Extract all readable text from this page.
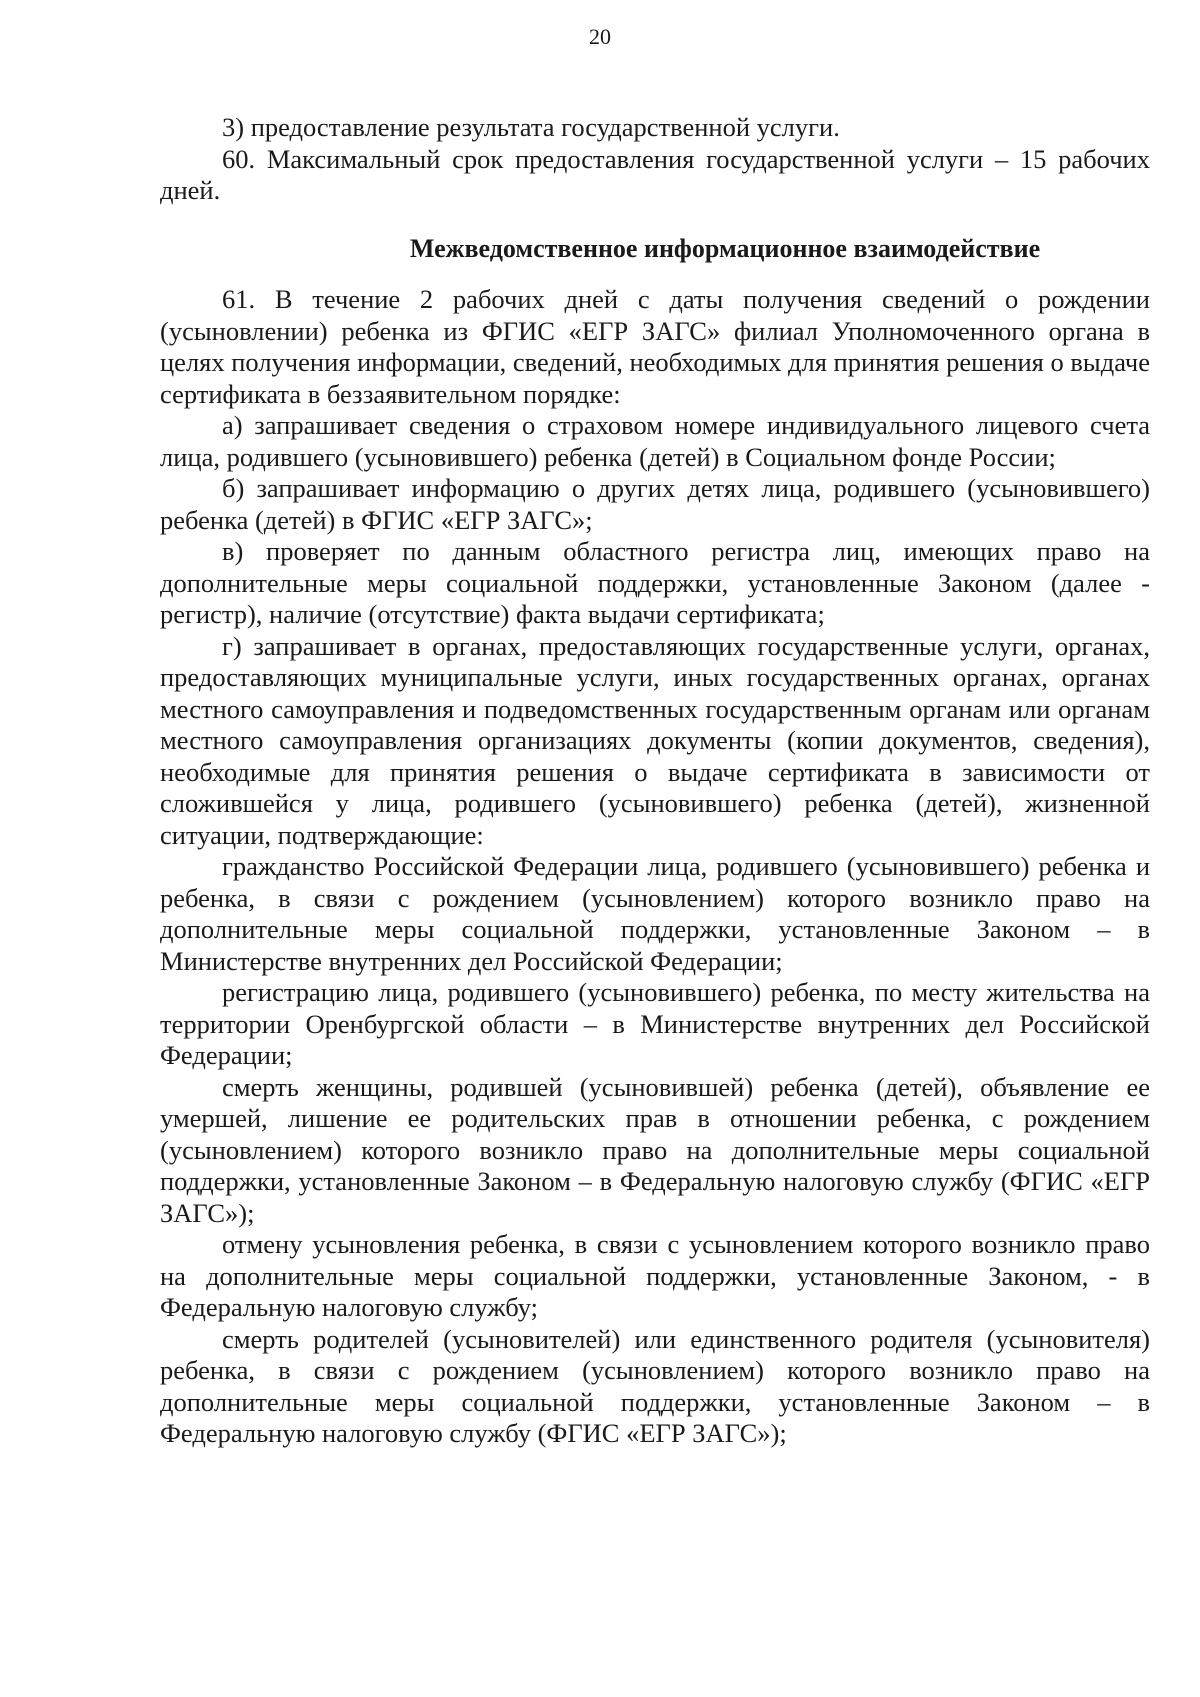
20

3) предоставление результата государственной услуги.

60. Максимальный срок предоставления государственной услуги – 15 рабочих дней.

Межведомственное информационное взаимодействие

61. В течение 2 рабочих дней с даты получения сведений о рождении (усыновлении) ребенка из ФГИС «ЕГР ЗАГС» филиал Уполномоченного органа в целях получения информации, сведений, необходимых для принятия решения о выдаче сертификата в беззаявительном порядке:

а) запрашивает сведения о страховом номере индивидуального лицевого счета лица, родившего (усыновившего) ребенка (детей) в Социальном фонде России;
б) запрашивает информацию о других детях лица, родившего (усыновившего) ребенка (детей) в ФГИС «ЕГР ЗАГС»;
в) проверяет по данным областного регистра лиц, имеющих право на дополнительные меры социальной поддержки, установленные Законом (далее - регистр), наличие (отсутствие) факта выдачи сертификата;
г) запрашивает в органах, предоставляющих государственные услуги, органах, предоставляющих муниципальные услуги, иных государственных органах, органах местного самоуправления и подведомственных государственным органам или органам местного самоуправления организациях документы (копии документов, сведения), необходимые для принятия решения о выдаче сертификата в зависимости от сложившейся у лица, родившего (усыновившего) ребенка (детей), жизненной ситуации, подтверждающие:
гражданство Российской Федерации лица, родившего (усыновившего) ребенка и ребенка, в связи с рождением (усыновлением) которого возникло право на дополнительные меры социальной поддержки, установленные Законом – в Министерстве внутренних дел Российской Федерации;
регистрацию лица, родившего (усыновившего) ребенка, по месту жительства на территории Оренбургской области – в Министерстве внутренних дел Российской Федерации;
смерть женщины, родившей (усыновившей) ребенка (детей), объявление ее умершей, лишение ее родительских прав в отношении ребенка, с рождением (усыновлением) которого возникло право на дополнительные меры социальной поддержки, установленные Законом – в Федеральную налоговую службу (ФГИС «ЕГР ЗАГС»);
отмену усыновления ребенка, в связи с усыновлением которого возникло право на дополнительные меры социальной поддержки, установленные Законом, - в Федеральную налоговую службу;
смерть родителей (усыновителей) или единственного родителя (усыновителя) ребенка, в связи с рождением (усыновлением) которого возникло право на дополнительные меры социальной поддержки, установленные Законом – в Федеральную налоговую службу (ФГИС «ЕГР ЗАГС»);
